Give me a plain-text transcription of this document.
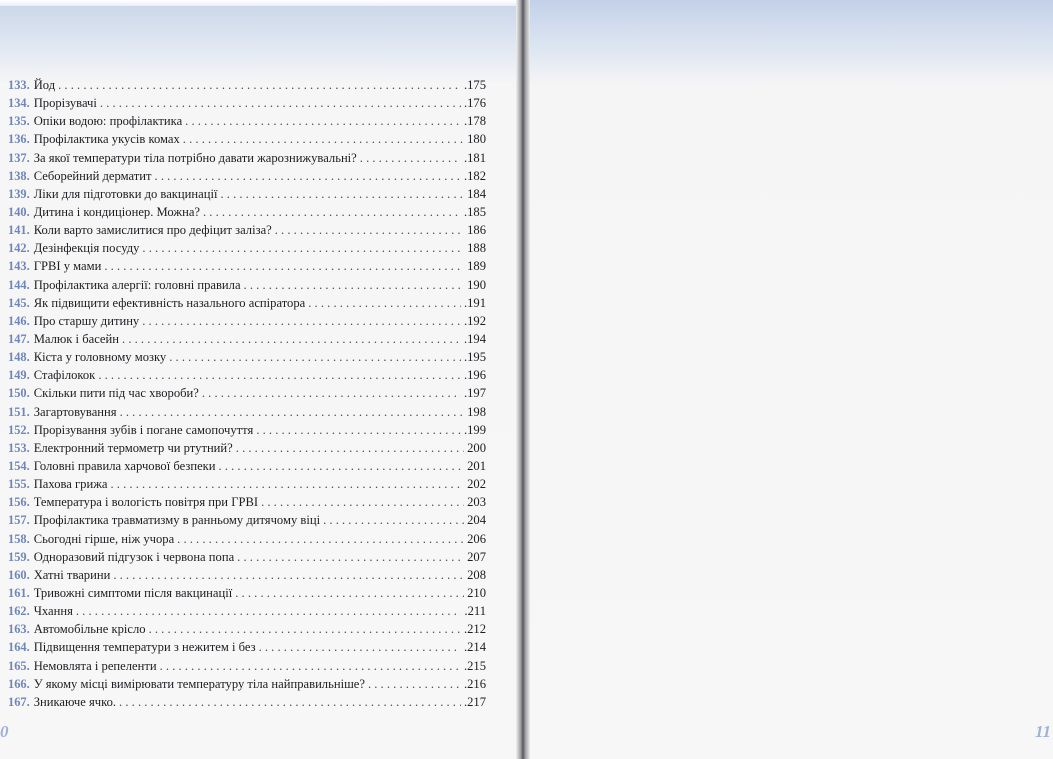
133. Йод . . .	.175
134. Прорізувачі . . .	.176
135. Опіки водою: профілактика . . .	.178
136. Профілактика укусів комах . . .	180
137. За якої температури тіла потрібно давати жарознижувальні? . . .	.181
138. Себорейний дерматит . . .	.182
139. Ліки для підготовки до вакцинації . . .	184
140. Дитина і кондиціонер. Можна? . . .	.185
141. Коли варто замислитися про дефіцит заліза? . . .	186
142. Дезінфекція посуду . . .	188
143. ГРВІ у мами . . .	189
144. Профілактика алергії: головні правила . . .	190
145. Як підвищити ефективність назального аспіратора . . .	.191
146. Про старшу дитину . . .	.192
147. Малюк і басейн . . .	.194
148. Кіста у головному мозку . . .	.195
149. Стафілокок . . .	.196
150. Скільки пити під час хвороби? . . .	.197
151. Загартовування . . .	198
152. Прорізування зубів і погане самопочуття . . .	.199
153. Електронний термометр чи ртутний? . . .	200
154. Головні правила харчової безпеки . . .	201
155. Пахова грижа . . .	202
156. Температура і вологість повітря при ГРВІ . . .	203
157. Профілактика травматизму в ранньому дитячому віці . . .	204
158. Сьогодні гірше, ніж учора . . .	206
159. Одноразовий підгузок і червона попа . . .	207
160. Хатні тварини . . .	208
161. Тривожні симптоми після вакцинації . . .	210
162. Чхання . . .	.211
163. Автомобільне крісло . . .	.212
164. Підвищення температури з нежитем і без . . .	.214
165. Немовлята і репеленти . . .	.215
166. У якому місці вимірювати температуру тіла найправильніше? . . .	.216
167. Зникаюче ячко. . . .	.217
0	11
